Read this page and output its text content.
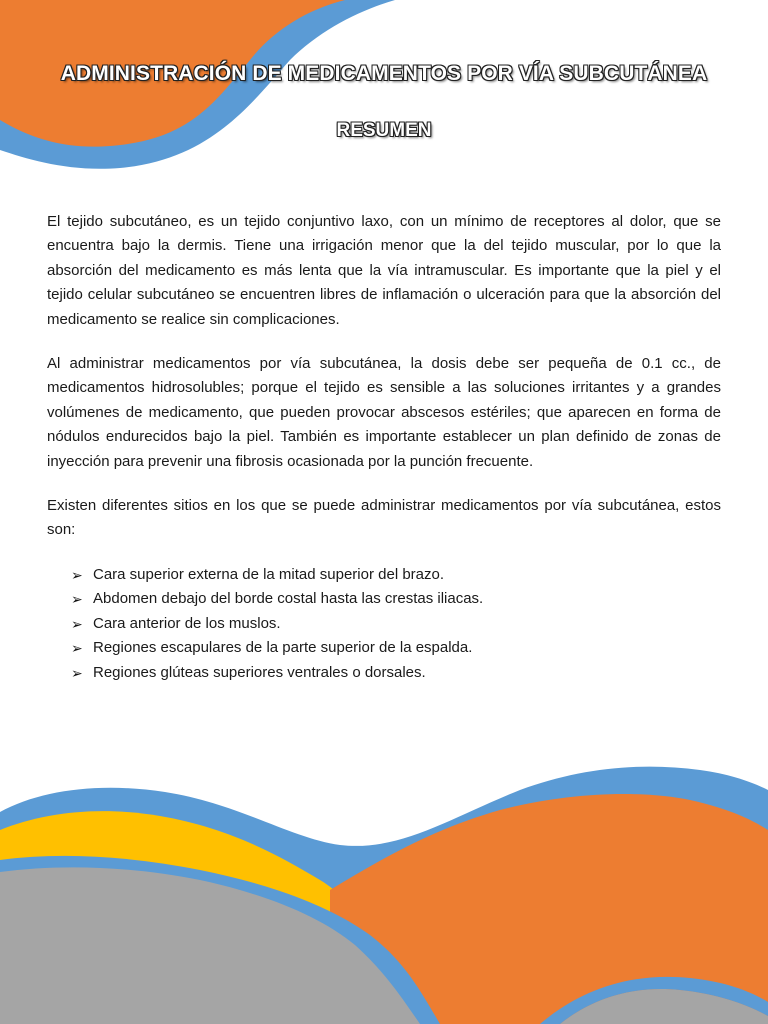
ADMINISTRACIÓN DE MEDICAMENTOS POR VÍA SUBCUTÁNEA
RESUMEN

El tejido subcutáneo, es un tejido conjuntivo laxo, con un mínimo de receptores al dolor, que se encuentra bajo la dermis. Tiene una irrigación menor que la del tejido muscular, por lo que la absorción del medicamento es más lenta que la vía intramuscular. Es importante que la piel y el tejido celular subcutáneo se encuentren libres de inflamación o ulceración para que la absorción del medicamento se realice sin complicaciones.

Al administrar medicamentos por vía subcutánea, la dosis debe ser pequeña de 0.1 cc., de medicamentos hidrosolubles; porque el tejido es sensible a las soluciones irritantes y a grandes volúmenes de medicamento, que pueden provocar abscesos estériles; que aparecen en forma de nódulos endurecidos bajo la piel. También es importante establecer un plan definido de zonas de inyección para prevenir una fibrosis ocasionada por la punción frecuente.

Existen diferentes sitios en los que se puede administrar medicamentos por vía subcutánea, estos son:

➢ Cara superior externa de la mitad superior del brazo.
➢ Abdomen debajo del borde costal hasta las crestas iliacas.
➢ Cara anterior de los muslos.
➢ Regiones escapulares de la parte superior de la espalda.
➢ Regiones glúteas superiores ventrales o dorsales.
